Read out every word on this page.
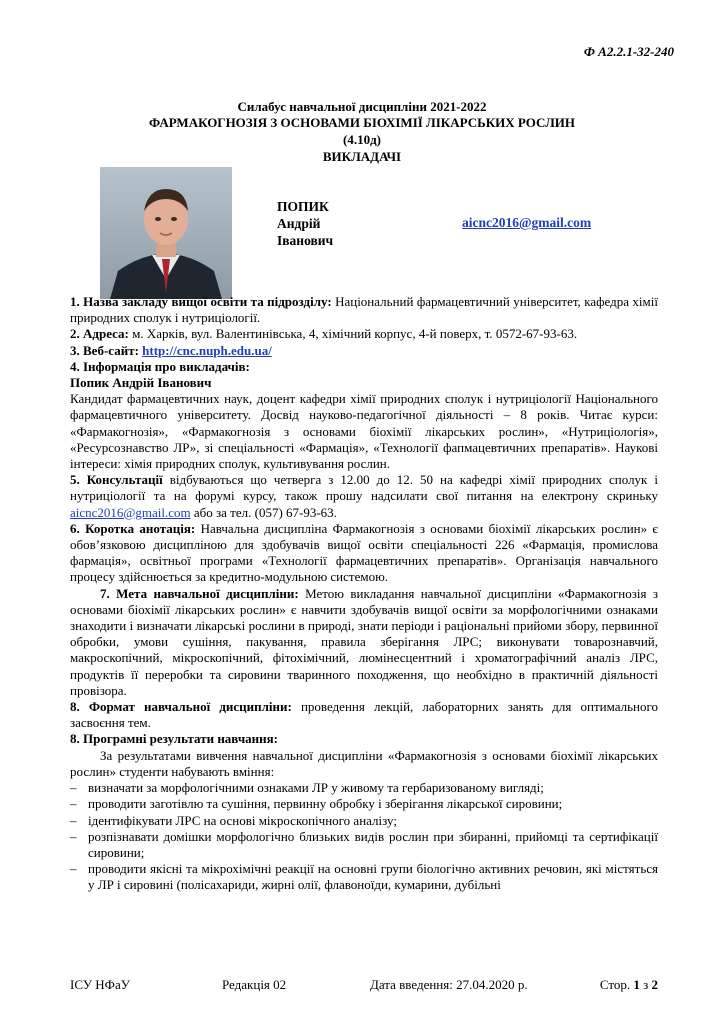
Ф А2.2.1-32-240
Силабус навчальної дисципліни 2021-2022
ФАРМАКОГНОЗІЯ З ОСНОВАМИ БІОХІМІЇ ЛІКАРСЬКИХ РОСЛИН
(4.10д)
ВИКЛАДАЧІ
ПОПИК
Андрій
Іванович
aicnc2016@gmail.com

1. Назва закладу вищої освіти та підрозділу: Національний фармацевтичний університет, кафедра хімії природних сполук і нутриціології.

2. Адреса: м. Харків, вул. Валентинівська, 4, хімічний корпус, 4-й поверх, т. 0572-67-93-63.

3. Веб-сайт: http://cnc.nuph.edu.ua/

4. Інформація про викладачів:

Попик Андрій Іванович

Кандидат фармацевтичних наук, доцент кафедри хімії природних сполук і нутриціології Національного фармацевтичного університету. Досвід науково-педагогічної діяльності – 8 років. Читає курси: «Фармакогнозія», «Фармакогнозія з основами біохімії лікарських рослин», «Нутриціологія», «Ресурсознавство ЛР», зі спеціальності «Фармація», «Технології фапмацевтичних препаратів». Наукові інтереси: хімія природних сполук, культивування рослин.

5. Консультації відбуваються що четверга з 12.00 до 12. 50 на кафедрі хімії природних сполук і нутриціології та на форумі курсу, також прошу надсилати свої питання на електрону скриньку aicnc2016@gmail.com або за тел. (057) 67-93-63.

6. Коротка анотація: Навчальна дисципліна Фармакогнозія з основами біохімії лікарських рослин» є обов’язковою дисципліною для здобувачів вищої освіти спеціальності 226 «Фармація, промислова фармація», освітньої програми «Технології фармацевтичних препаратів». Організація навчального процесу здійснюється за кредитно-модульною системою.

7. Мета навчальної дисципліни: Метою викладання навчальної дисципліни «Фармакогнозія з основами біохімії лікарських рослин» є навчити здобувачів вищої освіти за морфологічними ознаками знаходити і визначати лікарські рослини в природі, знати періоди і раціональні прийоми збору, первинної обробки, умови сушіння, пакування, правила зберігання ЛРС; виконувати товарознавчий, макроскопічний, мікроскопічний, фітохімічний, люмінесцентний і хроматографічний аналіз ЛРС, продуктів її переробки та сировини тваринного походження, що необхідно в практичній діяльності провізора.

8. Формат навчальної дисципліни: проведення лекцій, лабораторних занять для оптимального засвоєння тем.

8. Програмні результати навчання:

За результатами вивчення навчальної дисципліни «Фармакогнозія з основами біохімії лікарських рослин» студенти набувають вміння:

– визначати за морфологічними ознаками ЛР у живому та гербаризованому вигляді;
– проводити заготівлю та сушіння, первинну обробку і зберігання лікарської сировини;
– ідентифікувати ЛРС на основі мікроскопічного аналізу;
– розпізнавати домішки морфологічно близьких видів рослин при збиранні, прийомці та сертифікації сировини;
– проводити якісні та мікрохімічні реакції на основні групи біологічно активних речовин, які містяться у ЛР і сировині (полісахариди, жирні олії, флавоноїди, кумарини, дубільні
ІСУ НФаУ	Редакція 02	Дата введення: 27.04.2020 р.	Стор. 1 з 2
